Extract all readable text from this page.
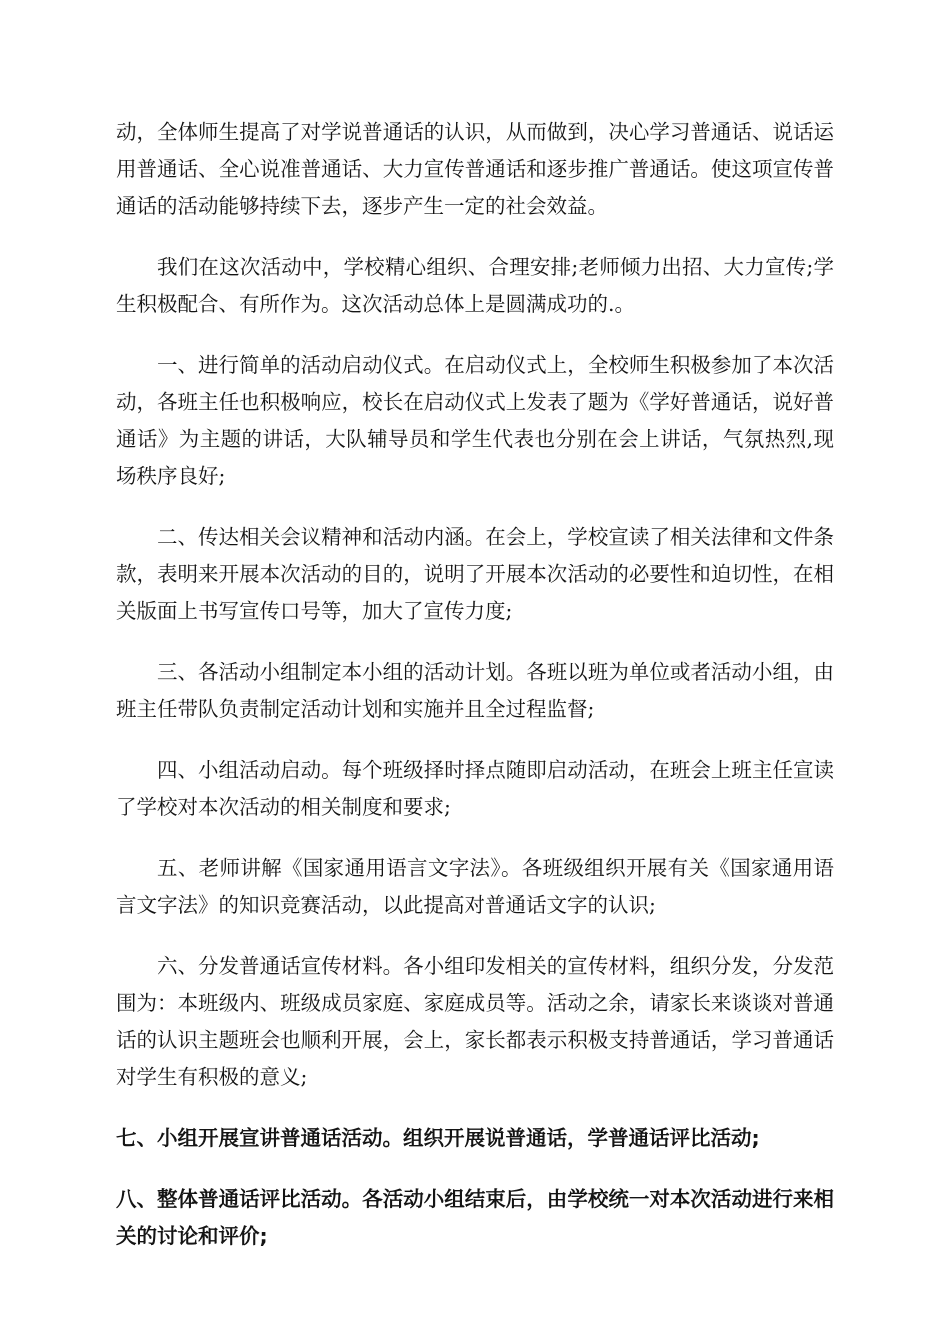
动，全体师生提高了对学说普通话的认识，从而做到，决心学习普通话、说话运用普通话、全心说准普通话、大力宣传普通话和逐步推广普通话。使这项宣传普通话的活动能够持续下去，逐步产生一定的社会效益。

我们在这次活动中，学校精心组织、合理安排;老师倾力出招、大力宣传;学生积极配合、有所作为。这次活动总体上是圆满成功的.。

一、进行简单的活动启动仪式。在启动仪式上，全校师生积极参加了本次活动，各班主任也积极响应，校长在启动仪式上发表了题为《学好普通话，说好普通话》为主题的讲话，大队辅导员和学生代表也分别在会上讲话，气氛热烈,现场秩序良好;

二、传达相关会议精神和活动内涵。在会上，学校宣读了相关法律和文件条款，表明来开展本次活动的目的，说明了开展本次活动的必要性和迫切性，在相关版面上书写宣传口号等，加大了宣传力度;

三、各活动小组制定本小组的活动计划。各班以班为单位或者活动小组，由班主任带队负责制定活动计划和实施并且全过程监督;

四、小组活动启动。每个班级择时择点随即启动活动，在班会上班主任宣读了学校对本次活动的相关制度和要求;

五、老师讲解《国家通用语言文字法》。各班级组织开展有关《国家通用语言文字法》的知识竞赛活动，以此提高对普通话文字的认识;

六、分发普通话宣传材料。各小组印发相关的宣传材料，组织分发，分发范围为：本班级内、班级成员家庭、家庭成员等。活动之余，请家长来谈谈对普通话的认识主题班会也顺利开展，会上，家长都表示积极支持普通话，学习普通话对学生有积极的意义;

七、小组开展宣讲普通话活动。组织开展说普通话，学普通话评比活动;

八、整体普通话评比活动。各活动小组结束后，由学校统一对本次活动进行来相关的讨论和评价;
